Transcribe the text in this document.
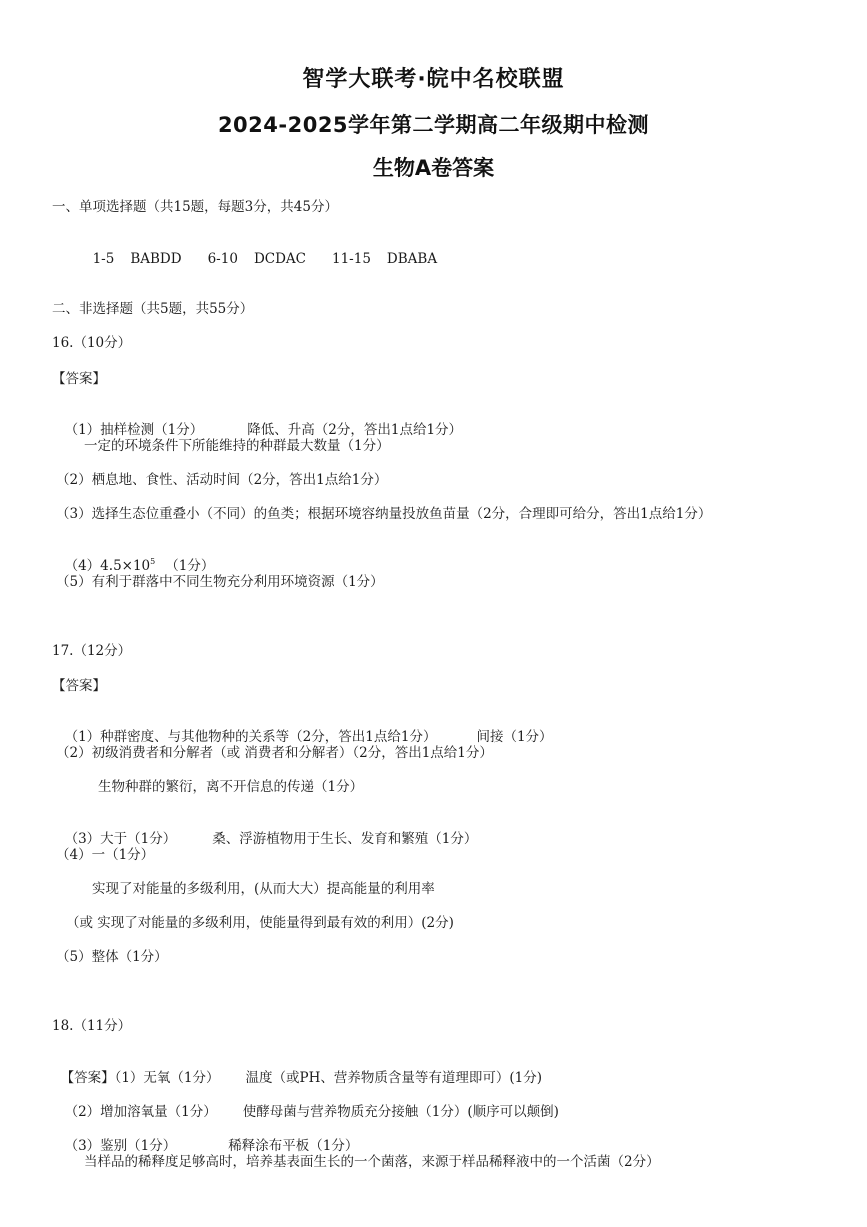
智学大联考·皖中名校联盟
2024-2025学年第二学期高二年级期中检测
生物A卷答案
一、单项选择题（共15题，每题3分，共45分）

1-5 BABDD 6-10 DCDAC 11-15 DBABA

二、非选择题（共5题，共55分）
16.（10分）
【答案】

（1）抽样检测（1分）	降低、升高（2分，答出1点给1分）

一定的环境条件下所能维持的种群最大数量（1分）
（2）栖息地、食性、活动时间（2分，答出1点给1分）
（3）选择生态位重叠小（不同）的鱼类；根据环境容纳量投放鱼苗量（2分，合理即可给分，答出1点给1分）

$(4)4.5\times 10^5$ （1分）

（5）有利于群落中不同生物充分利用环境资源（1分）
17.（12分）
【答案】

（1）种群密度、与其他物种的关系等（2分，答出1点给1分）	间接（1分）

（2）初级消费者和分解者（或 消费者和分解者）（2分，答出1点给1分）
生物种群的繁衍，离不开信息的传递（1分）

（3）大于（1分）	桑、浮游植物用于生长、发育和繁殖（1分）

（4）一（1分）
实现了对能量的多级利用，(从而大大）提高能量的利用率
（或 实现了对能量的多级利用，使能量得到最有效的利用）(2分)
（5）整体（1分）
18.（11分）

【答案】（1）无氧（1分） 温度（或PH、营养物质含量等有道理即可）(1分)

（2）增加溶氧量（1分） 使酵母菌与营养物质充分接触（1分）(顺序可以颠倒)

（3）鉴别（1分）	稀释涂布平板（1分）

当样品的稀释度足够高时，培养基表面生长的一个菌落，来源于样品稀释液中的一个活菌（2分）
